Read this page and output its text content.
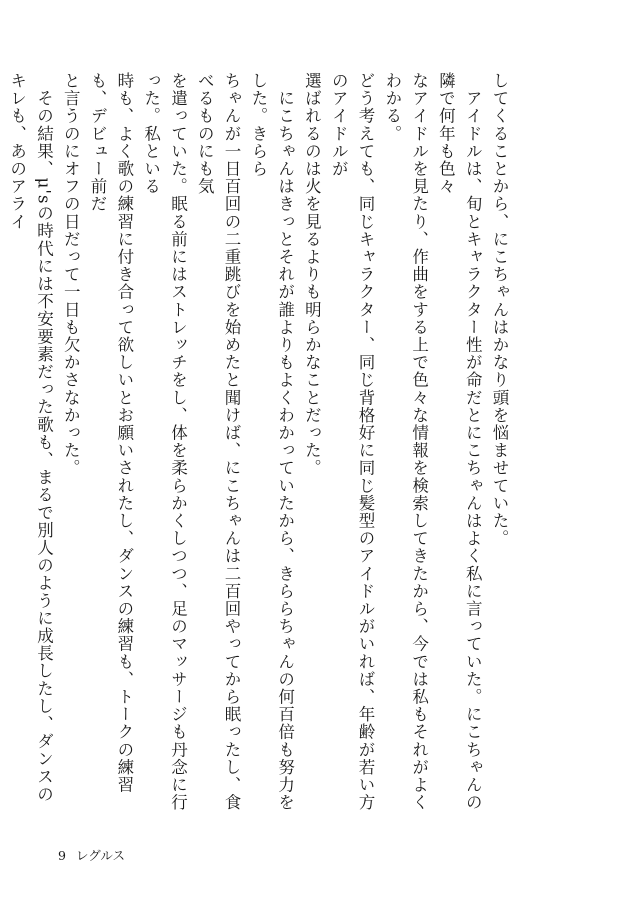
してくることから、にこちゃんはかなり頭を悩ませていた。

　アイドルは、旬とキャラクター性が命だとにこちゃんはよく私に言っていた。にこちゃんの隣で何年も色々

なアイドルを見たり、作曲をする上で色々な情報を検索してきたから、今では私もそれがよくわかる。

どう考えても、同じキャラクター、同じ背格好に同じ髪型のアイドルがいれば、年齢が若い方のアイドルが

選ばれるのは火を見るよりも明らかなことだった。

　にこちゃんはきっとそれが誰よりもよくわかっていたから、きららちゃんの何百倍も努力をした。きらら

ちゃんが一日百回の二重跳びを始めたと聞けば、にこちゃんは二百回やってから眠ったし、食べるものにも気

を遣っていた。眠る前にはストレッチをし、体を柔らかくしつつ、足のマッサージも丹念に行った。私といる

時も、よく歌の練習に付き合って欲しいとお願いされたし、ダンスの練習も、トークの練習も、デビュー前だ

と言うのにオフの日だって一日も欠かさなかった。

　その結果、μ'sの時代には不安要素だった歌も、まるで別人のように成長したし、ダンスのキレも、あのアライ

9 レグルス
